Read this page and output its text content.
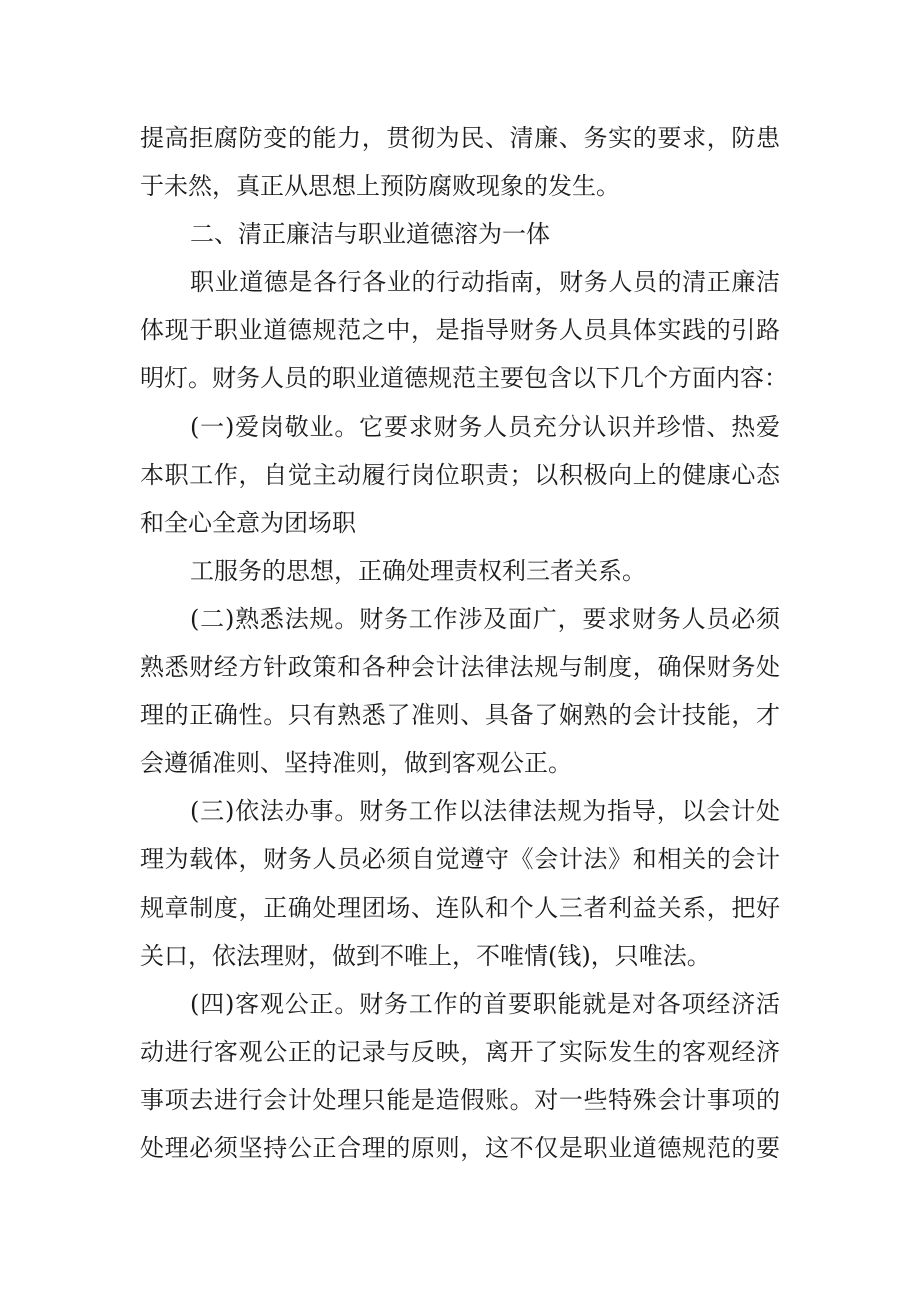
提高拒腐防变的能力，贯彻为民、清廉、务实的要求，防患
于未然，真正从思想上预防腐败现象的发生。
二、清正廉洁与职业道德溶为一体
职业道德是各行各业的行动指南，财务人员的清正廉洁
体现于职业道德规范之中，是指导财务人员具体实践的引路
明灯。财务人员的职业道德规范主要包含以下几个方面内容：
(一)爱岗敬业。它要求财务人员充分认识并珍惜、热爱
本职工作，自觉主动履行岗位职责；以积极向上的健康心态
和全心全意为团场职
工服务的思想，正确处理责权利三者关系。
(二)熟悉法规。财务工作涉及面广，要求财务人员必须
熟悉财经方针政策和各种会计法律法规与制度，确保财务处
理的正确性。只有熟悉了准则、具备了娴熟的会计技能，才
会遵循准则、坚持准则，做到客观公正。
(三)依法办事。财务工作以法律法规为指导，以会计处
理为载体，财务人员必须自觉遵守《会计法》和相关的会计
规章制度，正确处理团场、连队和个人三者利益关系，把好
关口，依法理财，做到不唯上，不唯情(钱)，只唯法。
(四)客观公正。财务工作的首要职能就是对各项经济活
动进行客观公正的记录与反映，离开了实际发生的客观经济
事项去进行会计处理只能是造假账。对一些特殊会计事项的
处理必须坚持公正合理的原则，这不仅是职业道德规范的要
